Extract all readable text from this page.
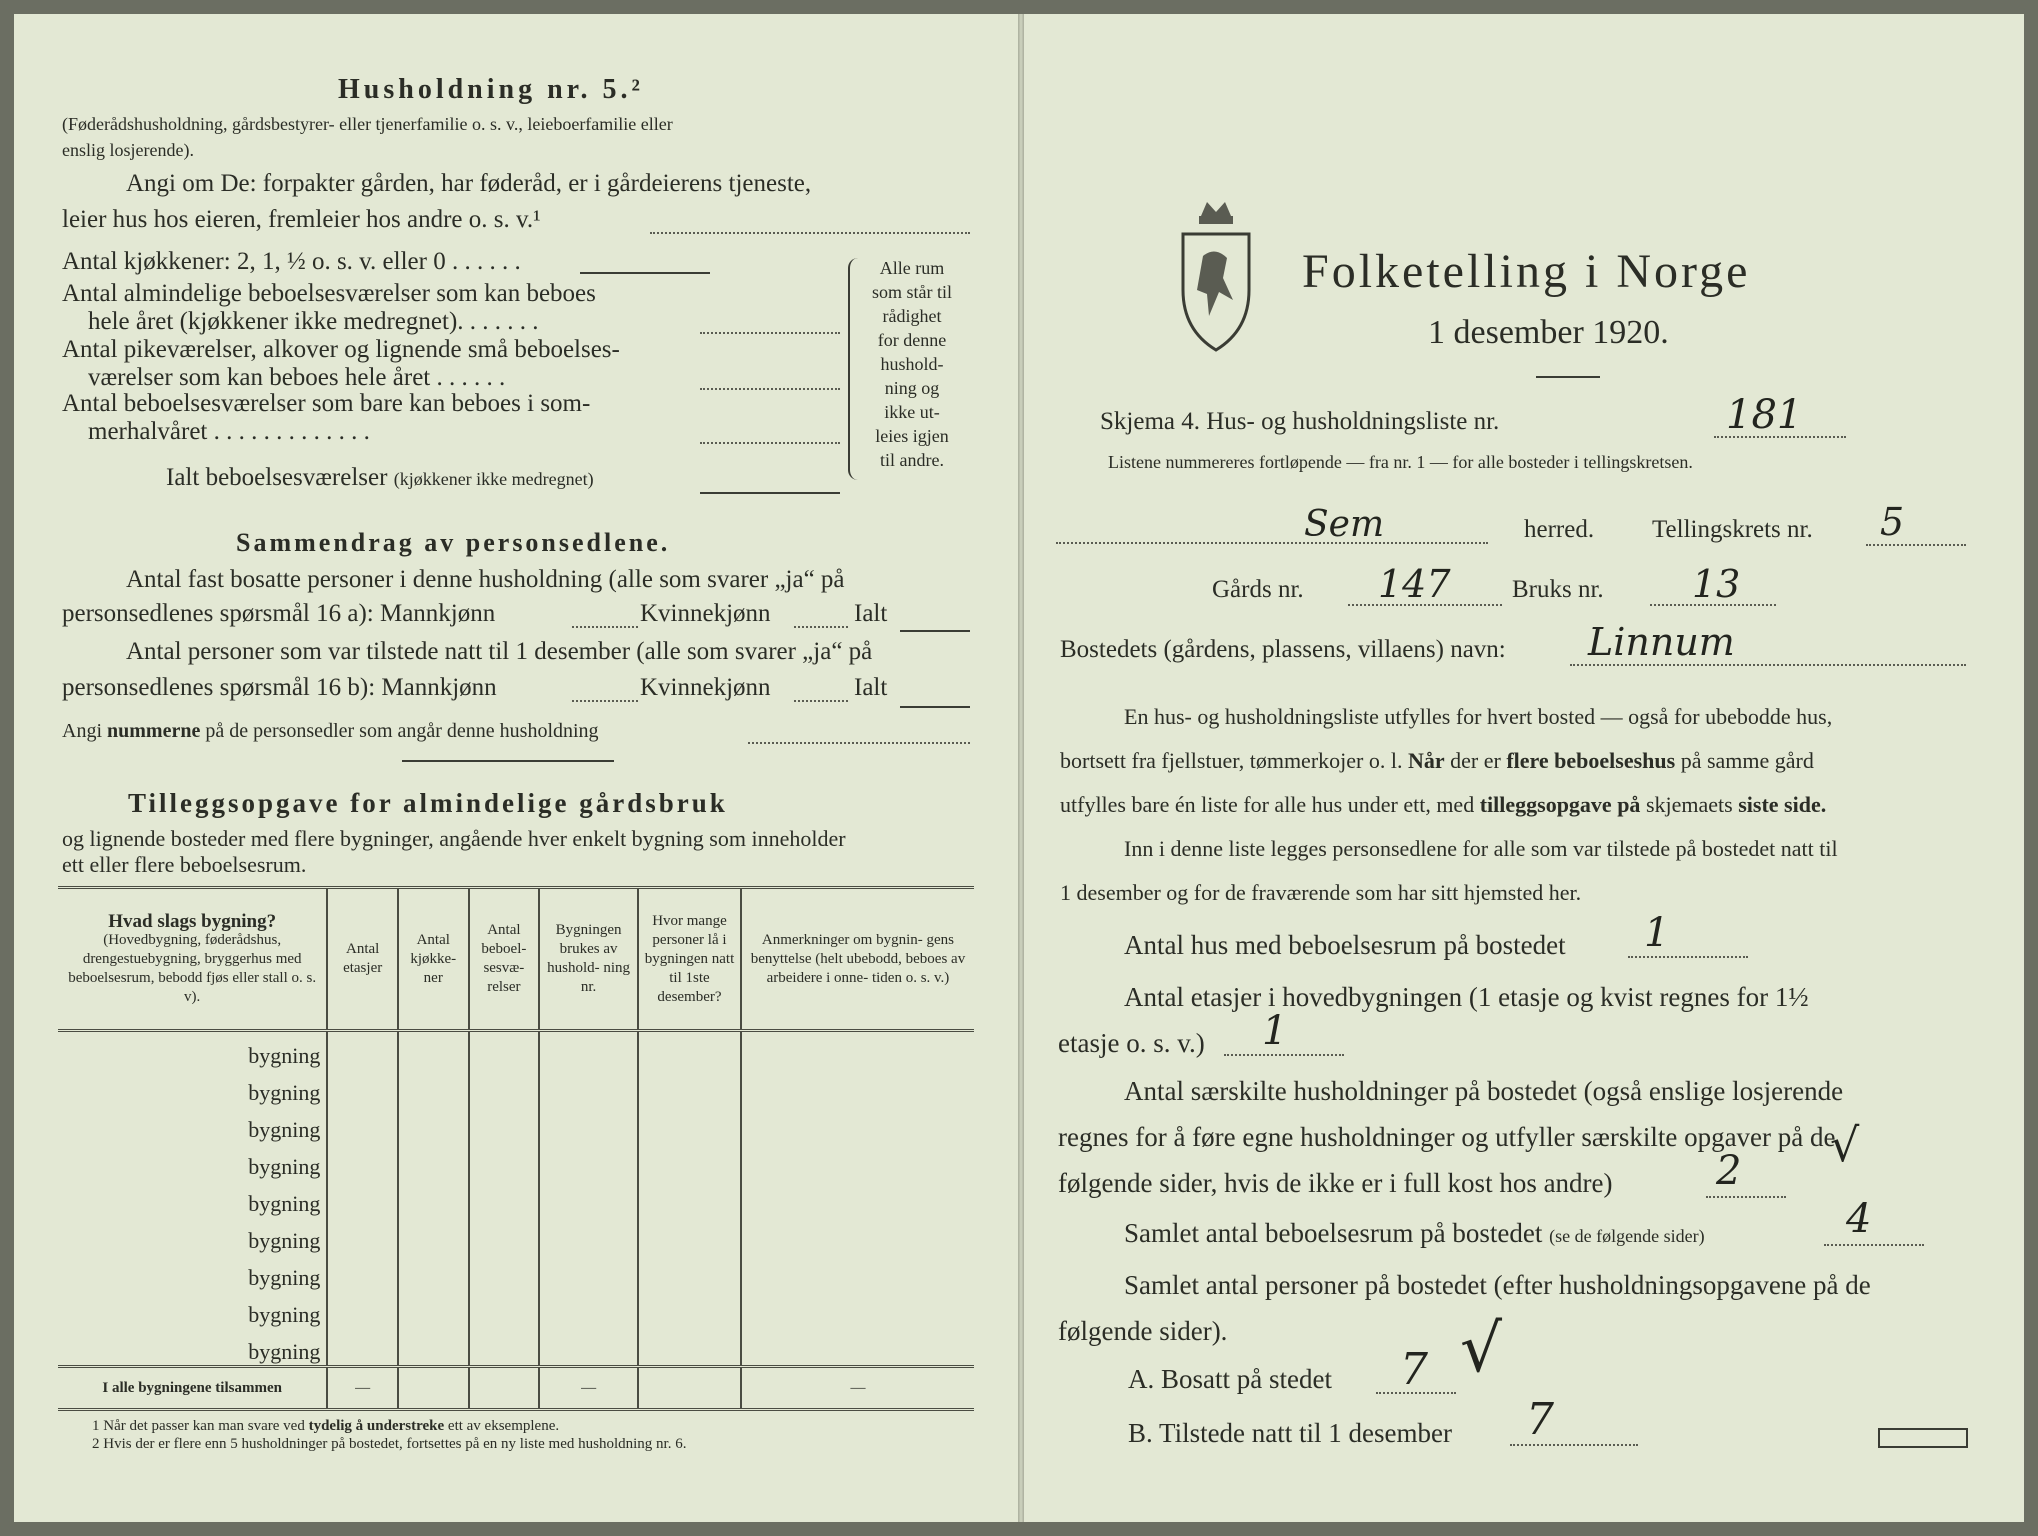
Husholdning nr. 5.²
(Føderådshusholdning, gårdsbestyrer- eller tjenerfamilie o. s. v., leieboerfamilie eller
enslig losjerende).
Angi om De: forpakter gården, har føderåd, er i gårdeierens tjeneste,
leier hus hos eieren, fremleier hos andre o. s. v.¹
Antal kjøkkener: 2, 1, ½ o. s. v. eller 0 . . . . . .
Antal almindelige beboelsesværelser som kan beboes
hele året (kjøkkener ikke medregnet). . . . . . .
Antal pikeværelser, alkover og lignende små beboelses-
værelser som kan beboes hele året . . . . . .
Antal beboelsesværelser som bare kan beboes i som-
merhalvåret . . . . . . . . . . . . .
Ialt beboelsesværelser (kjøkkener ikke medregnet)
Alle rum
som står til
rådighet
for denne
hushold-
ning og
ikke ut-
leies igjen
til andre.
Sammendrag av personsedlene.
Antal fast bosatte personer i denne husholdning (alle som svarer „ja“ på
personsedlenes spørsmål 16 a): Mannkjønn	Kvinnekjønn	Ialt
Antal personer som var tilstede natt til 1 desember (alle som svarer „ja“ på
personsedlenes spørsmål 16 b): Mannkjønn	Kvinnekjønn	Ialt
Angi nummerne på de personsedler som angår denne husholdning
Tilleggsopgave for almindelige gårdsbruk
og lignende bosteder med flere bygninger, angående hver enkelt bygning som inneholder
ett eller flere beboelsesrum.
Hvad slags bygning?
(Hovedbygning, føderådshus, drengestuebygning, bryggerhus med beboelsesrum, bebodd fjøs eller stall o. s. v).	Antal etasjer	Antal kjøkke- ner	Antal beboel- sesvæ- relser	Bygningen brukes av hushold- ning nr.	Hvor mange personer lå i bygningen natt til 1ste desember?	Anmerkninger om bygnin- gens benyttelse (helt ubebodd, beboes av arbeidere i onne- tiden o. s. v.)
bygning						
bygning						
bygning						
bygning						
bygning						
bygning						
bygning						
bygning						
bygning						
I alle bygningene tilsammen	—			—		—
1 Når det passer kan man svare ved tydelig å understreke ett av eksemplene.
2 Hvis der er flere enn 5 husholdninger på bostedet, fortsettes på en ny liste med husholdning nr. 6.
Folketelling i Norge
1 desember 1920.
Skjema 4. Hus- og husholdningsliste nr.	181
Listene nummereres fortløpende — fra nr. 1 — for alle bosteder i tellingskretsen.
Sem	herred. Tellingskrets nr. 5
Gårds nr. 147 Bruks nr. 13
Bostedets (gårdens, plassens, villaens) navn: Linnum
En hus- og husholdningsliste utfylles for hvert bosted — også for ubebodde hus,
bortsett fra fjellstuer, tømmerkojer o. l. Når der er flere beboelseshus på samme gård
utfylles bare én liste for alle hus under ett, med tilleggsopgave på skjemaets siste side.
Inn i denne liste legges personsedlene for alle som var tilstede på bostedet natt til
1 desember og for de fraværende som har sitt hjemsted her.
Antal hus med beboelsesrum på bostedet 1
Antal etasjer i hovedbygningen (1 etasje og kvist regnes for 1½
etasje o. s. v.) 1
Antal særskilte husholdninger på bostedet (også enslige losjerende
regnes for å føre egne husholdninger og utfyller særskilte opgaver på de
følgende sider, hvis de ikke er i full kost hos andre)	2 √
Samlet antal beboelsesrum på bostedet (se de følgende sider)	4
Samlet antal personer på bostedet (efter husholdningsopgavene på de
følgende sider).
A. Bosatt på stedet 7 √
B. Tilstede natt til 1 desember 7
